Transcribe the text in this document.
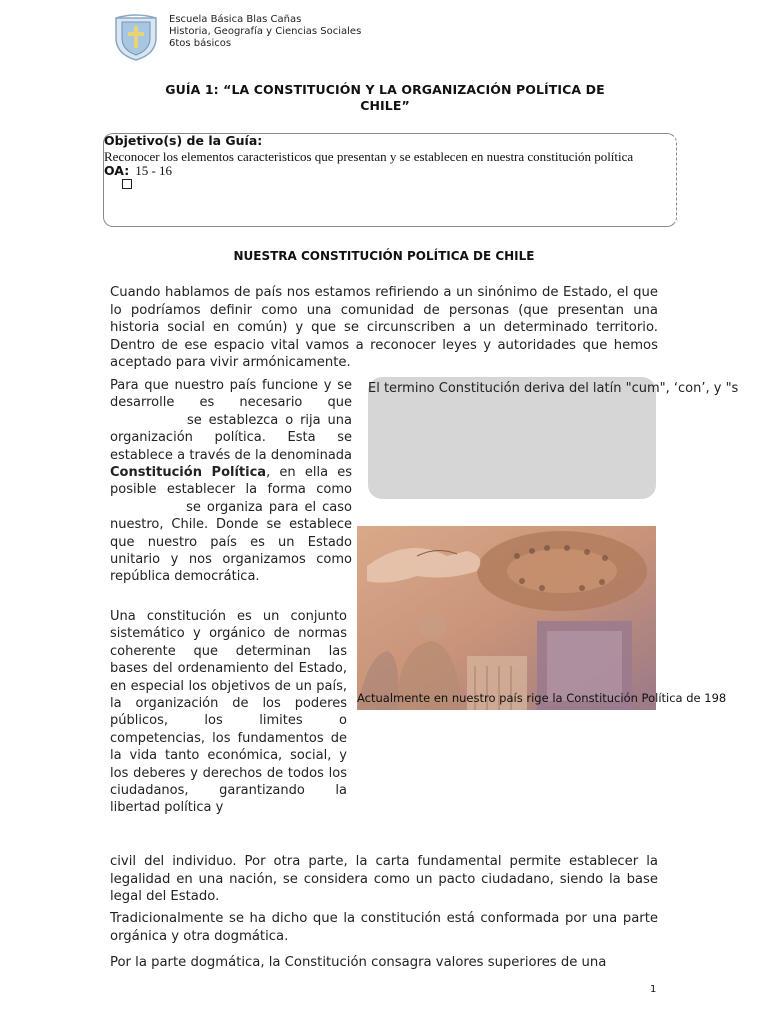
Escuela Básica Blas Cañas
Historia, Geografía y Ciencias Sociales
6tos básicos
GUÍA 1: “LA CONSTITUCIÓN Y LA ORGANIZACIÓN POLÍTICA DE
CHILE”
Objetivo(s) de la Guía:
Reconocer los elementos caracteristicos que presentan y se establecen en nuestra constitución política
OA: 15 - 16
NUESTRA CONSTITUCIÓN POLÍTICA DE CHILE
Cuando hablamos de país nos estamos refiriendo a un sinónimo de Estado, el que lo podríamos definir como una comunidad de personas (que presentan una historia social en común) y que se circunscriben a un determinado territorio. Dentro de ese espacio vital vamos a reconocer leyes y autoridades que hemos aceptado para vivir armónicamente.
Para que nuestro país funcione y se desarrolle es necesario que  se establezca o rija una organización política. Esta se establece a través de la denominada Constitución Política, en ella es posible establecer la forma como  se organiza para el caso nuestro, Chile. Donde se establece que nuestro país es un Estado unitario y nos organizamos como república democrática.
Una constitución es un conjunto sistemático y orgánico de normas coherente que determinan las bases del ordenamiento del Estado, en especial los objetivos de un país, la organización de los poderes públicos, los limites o competencias, los fundamentos de la vida tanto económica, social, y los deberes y derechos de todos los ciudadanos, garantizando la libertad política y
El termino Constitución deriva del latín "cum", ‘con’, y "s
Actualmente en nuestro país rige la Constitución Política de 198
civil del individuo. Por otra parte, la carta fundamental permite establecer la legalidad en una nación, se considera como un pacto ciudadano, siendo la base legal del Estado.
Tradicionalmente se ha dicho que la constitución está conformada por una parte orgánica y otra dogmática.
Por la parte dogmática, la Constitución consagra valores superiores de una
1
